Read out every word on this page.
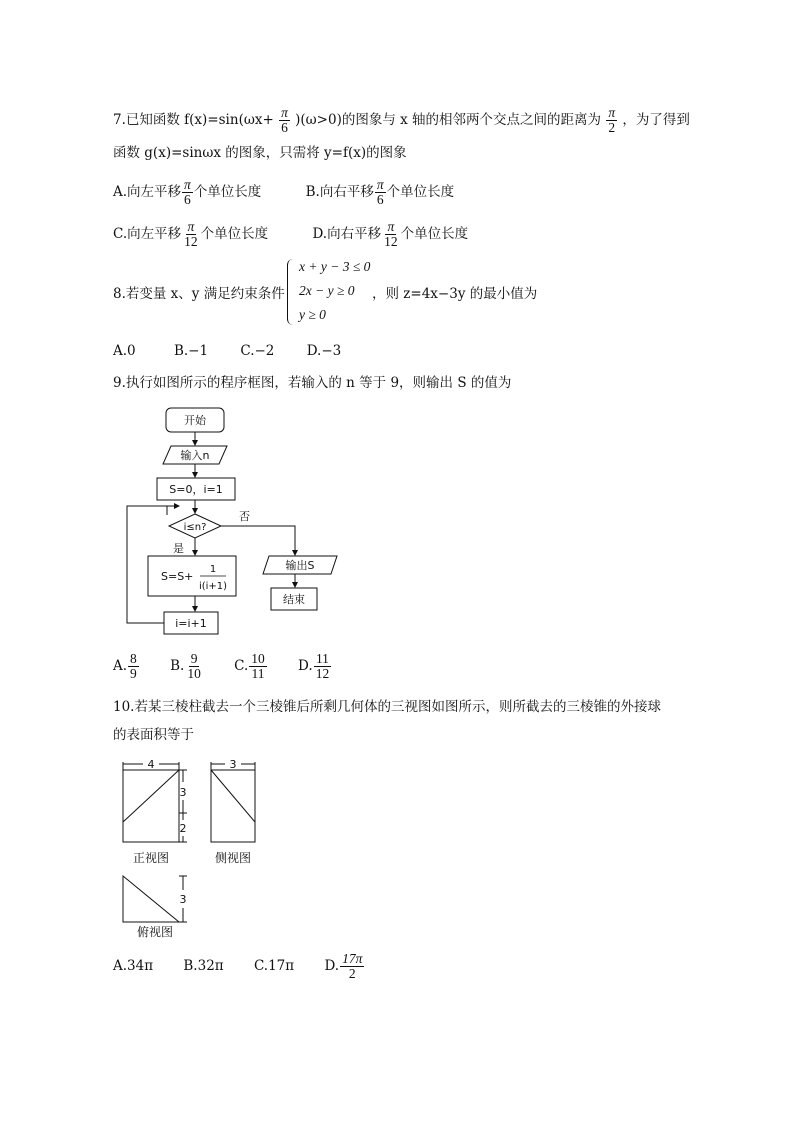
7.已知函数 $f(x)=\sin(\omega x+ \frac{\pi}{6} )(\omega>0)$的图象与 x 轴的相邻两个交点之间的距离为 $\frac{\pi}{2}$ ，为了得到
函数 g(x)=sinωx 的图象，只需将 y=f(x)的图象
A.向左平移 $\frac{\pi}{6}$ 个单位长度	B.向右平移 $\frac{\pi}{6}$ 个单位长度
C.向左平移 $\frac{\pi}{12}$ 个单位长度	D.向右平移 $\frac{\pi}{12}$ 个单位长度
8.若变量 x、y 满足约束条件
x + y − 3 ≤ 0
2x − y ≥ 0
y ≥ 0
，则 z=4x−3y 的最小值为
A.0	B.−1 C.−2 D.−3
9.执行如图所示的程序框图，若输入的 n 等于 9，则输出 S 的值为
开始
输入n
S=0，i=1
i≤n?
否
是
S=S+
1
i(i+1)
i=i+1
输出S
结束
A. $\frac{8}{9} B$. $\frac{9}{10} C$. $\frac{10}{11} D$. $\frac{11}{12}$
10.若某三棱柱截去一个三棱锥后所剩几何体的三视图如图所示，则所截去的三棱锥的外接球
的表面积等于
4	3
3
2
3
正视图	侧视图
俯视图
A.34π B.32π C.17π D. $\frac{17\pi}{2}$
